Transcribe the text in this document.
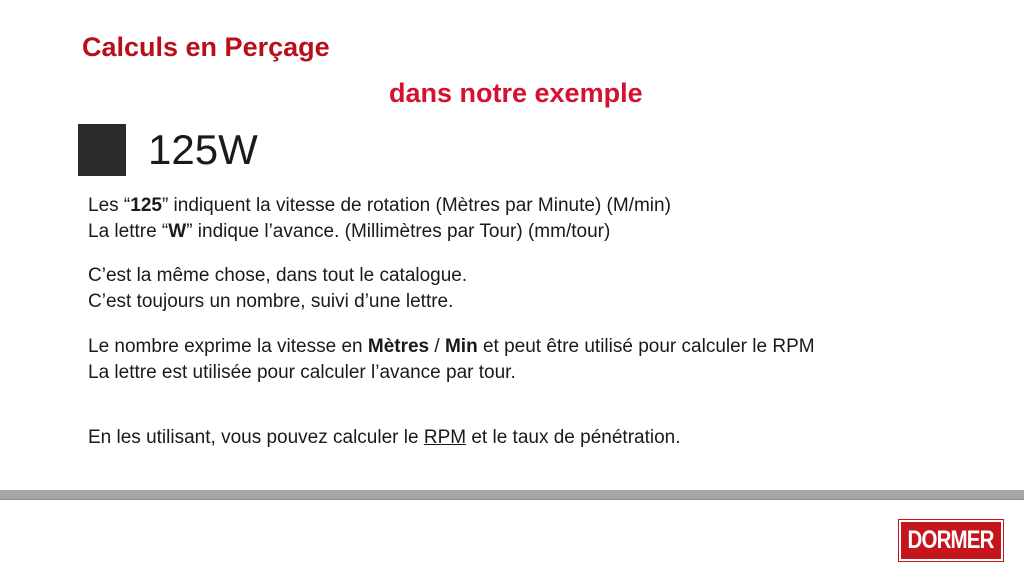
Calculs en Perçage
dans notre exemple
125W
Les “125” indiquent la vitesse de rotation (Mètres par Minute) (M/min)
La lettre “W” indique l’avance. (Millimètres par Tour) (mm/tour)
C’est la même chose, dans tout le catalogue.
C’est toujours un nombre, suivi d’une lettre.
Le nombre exprime la vitesse en Mètres / Min et peut être utilisé pour calculer le RPM
La lettre est utilisée pour calculer l’avance par tour.
En les utilisant, vous pouvez calculer le RPM et le taux de pénétration.
DORMER
